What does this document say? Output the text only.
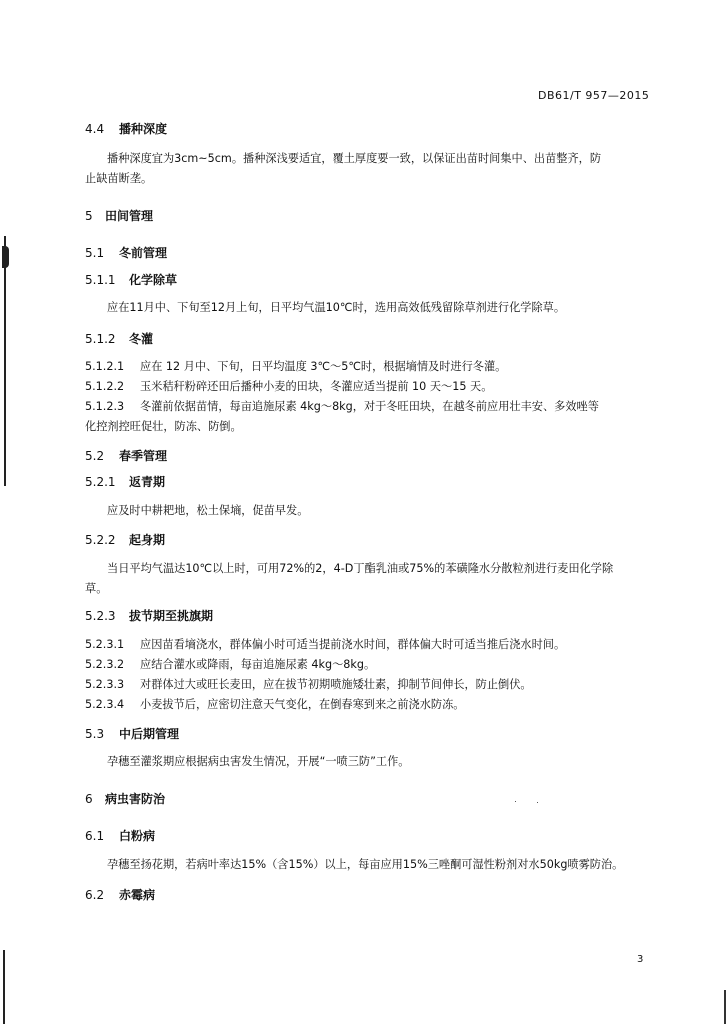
DB61/T 957—2015
4.4 播种深度
播种深度宜为3cm~5cm。播种深浅要适宜，覆土厚度要一致，以保证出苗时间集中、出苗整齐，防
止缺苗断垄。
5 田间管理
5.1 冬前管理
5.1.1 化学除草
应在11月中、下旬至12月上旬，日平均气温10℃时，选用高效低残留除草剂进行化学除草。
5.1.2 冬灌
5.1.2.1 应在 12 月中、下旬，日平均温度 3℃～5℃时，根据墒情及时进行冬灌。
5.1.2.2 玉米秸秆粉碎还田后播种小麦的田块，冬灌应适当提前 10 天～15 天。
5.1.2.3 冬灌前依据苗情，每亩追施尿素 4kg～8kg，对于冬旺田块，在越冬前应用壮丰安、多效唑等
化控剂控旺促壮，防冻、防倒。
5.2 春季管理
5.2.1 返青期
应及时中耕耙地，松土保墒，促苗早发。
5.2.2 起身期
当日平均气温达10℃以上时，可用72%的2，4-D丁酯乳油或75%的苯磺隆水分散粒剂进行麦田化学除
草。
5.2.3 拔节期至挑旗期
5.2.3.1 应因苗看墒浇水，群体偏小时可适当提前浇水时间，群体偏大时可适当推后浇水时间。
5.2.3.2 应结合灌水或降雨，每亩追施尿素 4kg～8kg。
5.2.3.3 对群体过大或旺长麦田，应在拔节初期喷施矮壮素，抑制节间伸长，防止倒伏。
5.2.3.4 小麦拔节后，应密切注意天气变化，在倒春寒到来之前浇水防冻。
5.3 中后期管理
孕穗至灌浆期应根据病虫害发生情况，开展“一喷三防”工作。
6 病虫害防治
6.1 白粉病
孕穗至扬花期，若病叶率达15%（含15%）以上，每亩应用15%三唑酮可湿性粉剂对水50kg喷雾防治。
6.2 赤霉病
3
